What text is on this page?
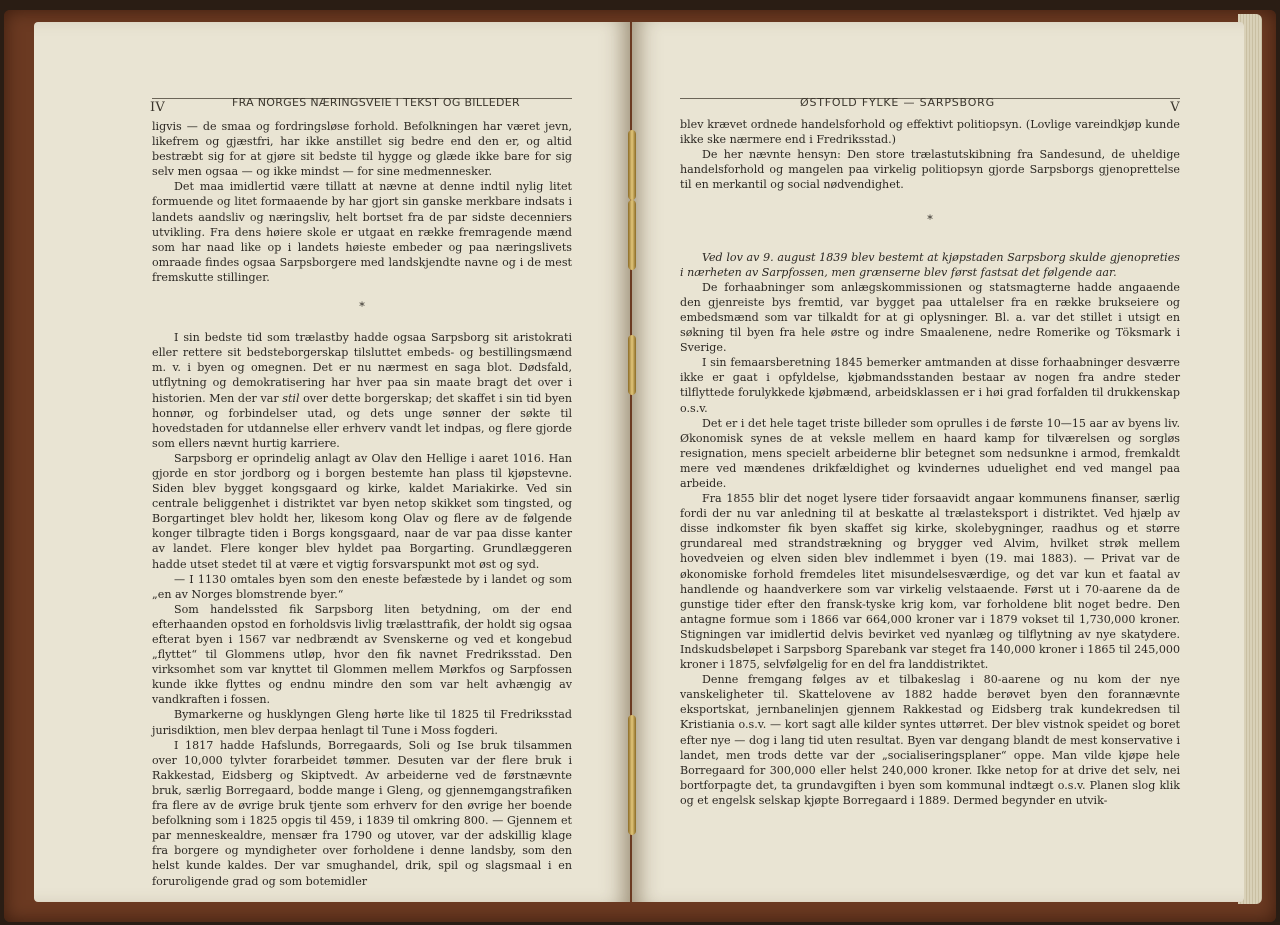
IV	FRA NORGES NÆRINGSVEIE I TEKST OG BILLEDER

ligvis — de smaa og fordringsløse forhold. Befolkningen har været jevn, likefrem og gjæstfri, har ikke anstillet sig bedre end den er, og altid bestræbt sig for at gjøre sit bedste til hygge og glæde ikke bare for sig selv men ogsaa — og ikke mindst — for sine medmennesker.

Det maa imidlertid være tillatt at nævne at denne indtil nylig litet formuende og litet formaaende by har gjort sin ganske merkbare indsats i landets aandsliv og næringsliv, helt bortset fra de par sidste decenniers utvikling. Fra dens høiere skole er utgaat en række fremragende mænd som har naad like op i landets høieste embeder og paa næringslivets omraade findes ogsaa Sarpsborgere med landskjendte navne og i de mest fremskutte stillinger.

*

I sin bedste tid som trælastby hadde ogsaa Sarpsborg sit aristokrati eller rettere sit bedsteborgerskap tilsluttet embeds- og bestillingsmænd m. v. i byen og omegnen. Det er nu nærmest en saga blot. Dødsfald, utflytning og demokratisering har hver paa sin maate bragt det over i historien. Men der var stil over dette borgerskap; det skaffet i sin tid byen honnør, og forbindelser utad, og dets unge sønner der søkte til hovedstaden for utdannelse eller erhverv vandt let indpas, og flere gjorde som ellers nævnt hurtig karriere.

Sarpsborg er oprindelig anlagt av Olav den Hellige i aaret 1016. Han gjorde en stor jordborg og i borgen bestemte han plass til kjøpstevne. Siden blev bygget kongsgaard og kirke, kaldet Mariakirke. Ved sin centrale beliggenhet i distriktet var byen netop skikket som tingsted, og Borgartinget blev holdt her, likesom kong Olav og flere av de følgende konger tilbragte tiden i Borgs kongsgaard, naar de var paa disse kanter av landet. Flere konger blev hyldet paa Borgarting. Grundlæggeren hadde utset stedet til at være et vigtig forsvarspunkt mot øst og syd.

— I 1130 omtales byen som den eneste befæstede by i landet og som „en av Norges blomstrende byer.“

Som handelssted fik Sarpsborg liten betydning, om der end efterhaanden opstod en forholdsvis livlig trælasttrafik, der holdt sig ogsaa efterat byen i 1567 var nedbrændt av Svenskerne og ved et kongebud „flyttet“ til Glommens utløp, hvor den fik navnet Fredriksstad. Den virksomhet som var knyttet til Glommen mellem Mørkfos og Sarpfossen kunde ikke flyttes og endnu mindre den som var helt avhængig av vandkraften i fossen.

Bymarkerne og husklyngen Gleng hørte like til 1825 til Fredriksstad jurisdiktion, men blev derpaa henlagt til Tune i Moss fogderi.

I 1817 hadde Hafslunds, Borregaards, Soli og Ise bruk tilsammen over 10,000 tylvter forarbeidet tømmer. Desuten var der flere bruk i Rakkestad, Eidsberg og Skiptvedt. Av arbeiderne ved de førstnævnte bruk, særlig Borregaard, bodde mange i Gleng, og gjennemgangstrafiken fra flere av de øvrige bruk tjente som erhverv for den øvrige her boende befolkning som i 1825 opgis til 459, i 1839 til omkring 800. — Gjennem et par menneskealdre, mensær fra 1790 og utover, var der adskillig klage fra borgere og myndigheter over forholdene i denne landsby, som den helst kunde kaldes. Der var smughandel, drik, spil og slagsmaal i en foruroligende grad og som botemidler

ØSTFOLD FYLKE — SARPSBORG	V

blev krævet ordnede handelsforhold og effektivt politiopsyn. (Lovlige vareindkjøp kunde ikke ske nærmere end i Fredriksstad.)

De her nævnte hensyn: Den store trælastutskibning fra Sandesund, de uheldige handelsforhold og mangelen paa virkelig politiopsyn gjorde Sarpsborgs gjenoprettelse til en merkantil og social nødvendighet.

*

Ved lov av 9. august 1839 blev bestemt at kjøpstaden Sarpsborg skulde gjenopreties i nærheten av Sarpfossen, men grænserne blev først fastsat det følgende aar.

De forhaabninger som anlægskommissionen og statsmagterne hadde angaaende den gjenreiste bys fremtid, var bygget paa uttalelser fra en række brukseiere og embedsmænd som var tilkaldt for at gi oplysninger. Bl. a. var det stillet i utsigt en søkning til byen fra hele østre og indre Smaalenene, nedre Romerike og Töksmark i Sverige.

I sin femaarsberetning 1845 bemerker amtmanden at disse forhaabninger desværre ikke er gaat i opfyldelse, kjøbmandsstanden bestaar av nogen fra andre steder tilflyttede forulykkede kjøbmænd, arbeidsklassen er i høi grad forfalden til drukkenskap o.s.v.

Det er i det hele taget triste billeder som oprulles i de første 10—15 aar av byens liv. Økonomisk synes de at veksle mellem en haard kamp for tilværelsen og sorgløs resignation, mens specielt arbeiderne blir betegnet som nedsunkne i armod, fremkaldt mere ved mændenes drikfældighet og kvindernes uduelighet end ved mangel paa arbeide.

Fra 1855 blir det noget lysere tider forsaavidt angaar kommunens finanser, særlig fordi der nu var anledning til at beskatte al trælasteksport i distriktet. Ved hjælp av disse indkomster fik byen skaffet sig kirke, skolebygninger, raadhus og et større grundareal med strandstrækning og brygger ved Alvim, hvilket strøk mellem hovedveien og elven siden blev indlemmet i byen (19. mai 1883). — Privat var de økonomiske forhold fremdeles litet misundelsesværdige, og det var kun et faatal av handlende og haandverkere som var virkelig velstaaende. Først ut i 70-aarene da de gunstige tider efter den fransk-tyske krig kom, var forholdene blit noget bedre. Den antagne formue som i 1866 var 664,000 kroner var i 1879 vokset til 1,730,000 kroner. Stigningen var imidlertid delvis bevirket ved nyanlæg og tilflytning av nye skatydere. Indskudsbeløpet i Sarpsborg Sparebank var steget fra 140,000 kroner i 1865 til 245,000 kroner i 1875, selvfølgelig for en del fra landdistriktet.

Denne fremgang følges av et tilbakeslag i 80-aarene og nu kom der nye vanskeligheter til. Skattelovene av 1882 hadde berøvet byen den forannævnte eksportskat, jernbanelinjen gjennem Rakkestad og Eidsberg trak kundekredsen til Kristiania o.s.v. — kort sagt alle kilder syntes uttørret. Der blev vistnok speidet og boret efter nye — dog i lang tid uten resultat. Byen var dengang blandt de mest konservative i landet, men trods dette var der „socialiseringsplaner“ oppe. Man vilde kjøpe hele Borregaard for 300,000 eller helst 240,000 kroner. Ikke netop for at drive det selv, nei bortforpagte det, ta grundavgiften i byen som kommunal indtægt o.s.v. Planen slog klik og et engelsk selskap kjøpte Borregaard i 1889. Dermed begynder en utvik-
